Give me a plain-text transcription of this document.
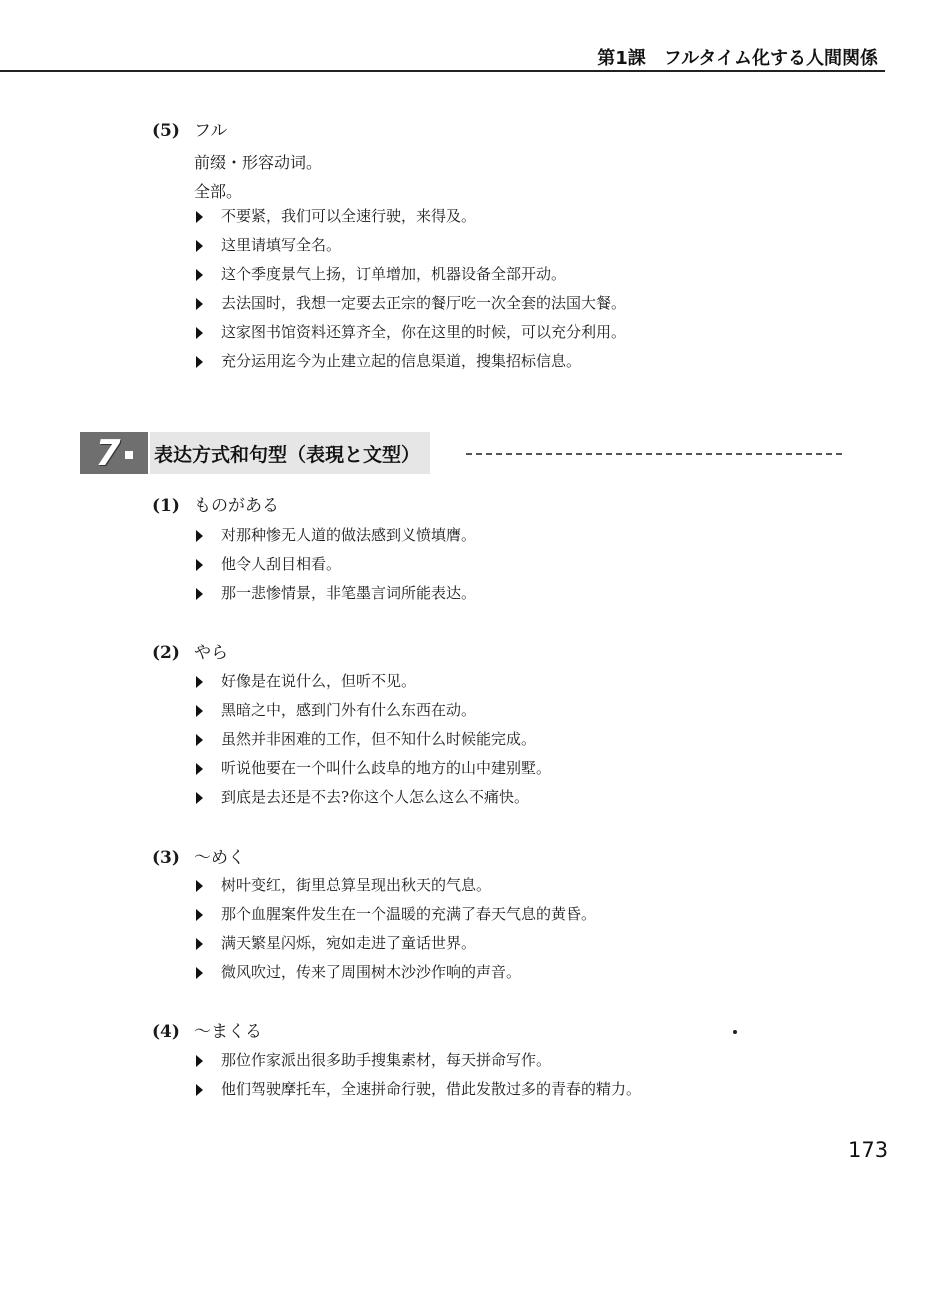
第1課　フルタイム化する人間関係
(5) フル
前缀・形容动词。
全部。
不要紧，我们可以全速行驶，来得及。
这里请填写全名。
这个季度景气上扬，订单增加，机器设备全部开动。
去法国时，我想一定要去正宗的餐厅吃一次全套的法国大餐。
这家图书馆资料还算齐全，你在这里的时候，可以充分利用。
充分运用迄今为止建立起的信息渠道，搜集招标信息。
7 表达方式和句型（表現と文型）
(1) ものがある
对那种惨无人道的做法感到义愤填膺。
他令人刮目相看。
那一悲惨情景，非笔墨言词所能表达。
(2) やら
好像是在说什么，但听不见。
黑暗之中，感到门外有什么东西在动。
虽然并非困难的工作，但不知什么时候能完成。
听说他要在一个叫什么歧阜的地方的山中建别墅。
到底是去还是不去?你这个人怎么这么不痛快。
(3) ～めく
树叶变红，街里总算呈现出秋天的气息。
那个血腥案件发生在一个温暖的充满了春天气息的黄昏。
满天繁星闪烁，宛如走进了童话世界。
微风吹过，传来了周围树木沙沙作响的声音。
(4) ～まくる
那位作家派出很多助手搜集素材，每天拼命写作。
他们驾驶摩托车，全速拼命行驶，借此发散过多的青春的精力。
173
